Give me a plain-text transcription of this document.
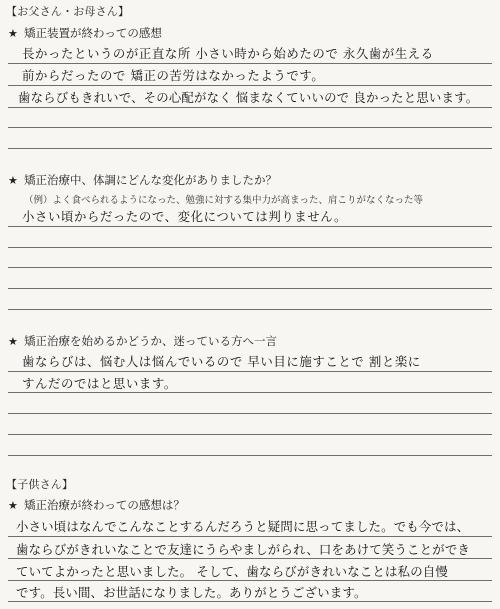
【お父さん・お母さん】
★ 矯正装置が終わっての感想
長かったというのが正直な所 小さい時から始めたので 永久歯が生える
前からだったので 矯正の苦労はなかったようです。
歯ならびもきれいで、その心配がなく 悩まなくていいので 良かったと思います。
★ 矯正治療中、体調にどんな変化がありましたか？
（例）よく食べられるようになった、勉強に対する集中力が高まった、肩こりがなくなった等
小さい頃からだったので、変化については判りません。
★ 矯正治療を始めるかどうか、迷っている方へ一言
歯ならびは、悩む人は悩んでいるので 早い目に施すことで 割と楽に
すんだのではと思います。
【子供さん】
★ 矯正治療が終わっての感想は？
小さい頃はなんでこんなことするんだろうと疑問に思ってました。でも今では、
歯ならびがきれいなことで友達にうらやましがられ、口をあけて笑うことができ
ていてよかったと思いました。 そして、歯ならびがきれいなことは私の自慢
です。長い間、お世話になりました。ありがとうございます。
